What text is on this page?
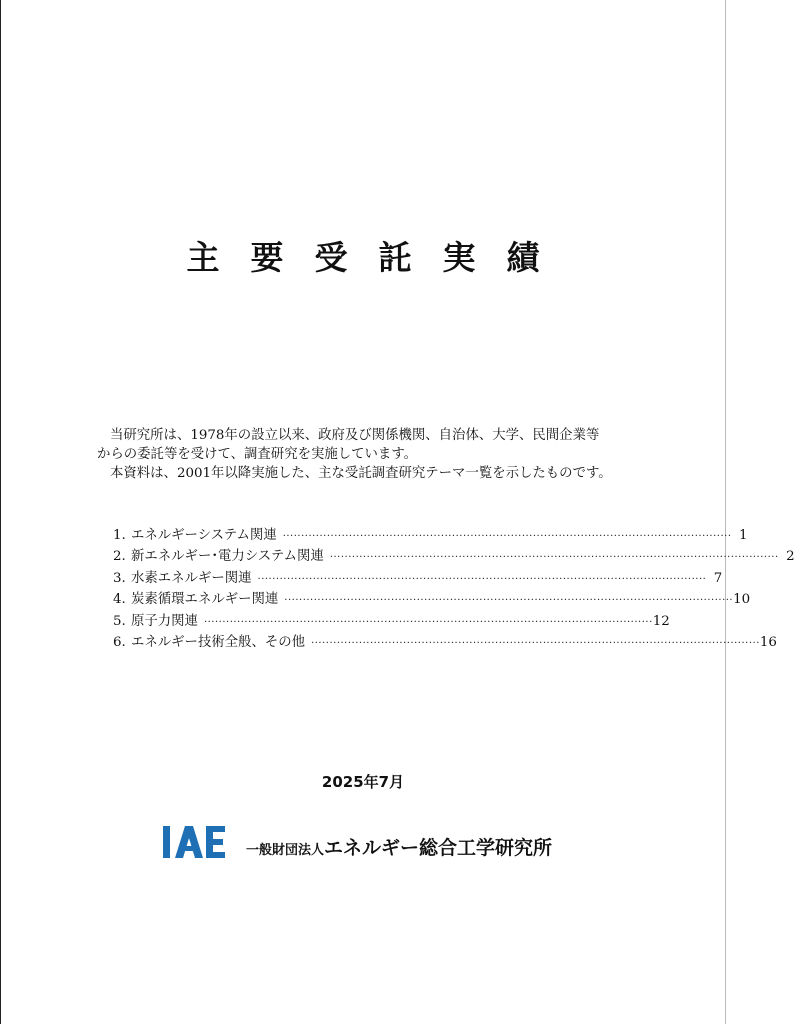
主要受託実績

当研究所は、1978年の設立以来、政府及び関係機関、自治体、大学、民間企業等

からの委託等を受けて、調査研究を実施しています。

本資料は、2001年以降実施した、主な受託調査研究テーマ一覧を示したものです。

1. エネルギーシステム関連 ·························································································································· 1
2. 新エネルギー･電力システム関連 ·························································································································· 2
3. 水素エネルギー関連 ·························································································································· 7
4. 炭素循環エネルギー関連 ·························································································································· 10
5. 原子力関連 ·························································································································· 12
6. エネルギー技術全般、その他 ·························································································································· 16
2025年7月
一般財団法人エネルギー総合工学研究所
